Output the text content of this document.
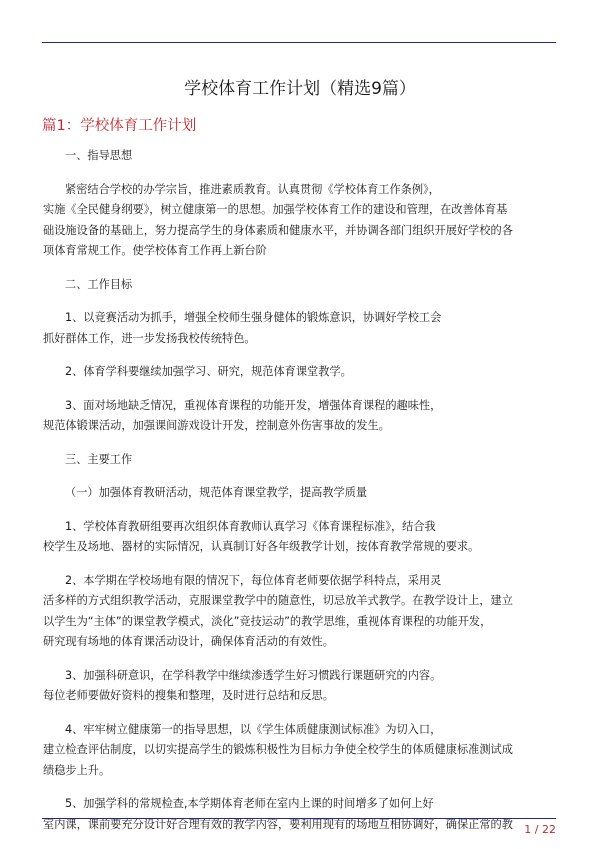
学校体育工作计划（精选9篇）
篇1：学校体育工作计划

一、指导思想

紧密结合学校的办学宗旨，推进素质教育。认真贯彻《学校体育工作条例》，
实施《全民健身纲要》，树立健康第一的思想。加强学校体育工作的建设和管理，在改善体育基
础设施设备的基础上，努力提高学生的身体素质和健康水平，并协调各部门组织开展好学校的各
项体育常规工作。使学校体育工作再上新台阶

二、工作目标

1、以竞赛活动为抓手，增强全校师生强身健体的锻炼意识，协调好学校工会
抓好群体工作，进一步发扬我校传统特色。

2、体育学科要继续加强学习、研究，规范体育课堂教学。

3、面对场地缺乏情况，重视体育课程的功能开发，增强体育课程的趣味性，
规范体锻课活动，加强课间游戏设计开发，控制意外伤害事故的发生。

三、主要工作

（一）加强体育教研活动，规范体育课堂教学，提高教学质量

1、学校体育教研组要再次组织体育教师认真学习《体育课程标准》，结合我
校学生及场地、器材的实际情况，认真制订好各年级教学计划，按体育教学常规的要求。

2、本学期在学校场地有限的情况下，每位体育老师要依据学科特点，采用灵
活多样的方式组织教学活动，克服课堂教学中的随意性，切忌放羊式教学。在教学设计上，建立
以学生为“主体”的课堂教学模式，淡化”竞技运动”的教学思维，重视体育课程的功能开发，
研究现有场地的体育课活动设计，确保体育活动的有效性。

3、加强科研意识，在学科教学中继续渗透学生好习惯践行课题研究的内容。
每位老师要做好资料的搜集和整理，及时进行总结和反思。

4、牢牢树立健康第一的指导思想，以《学生体质健康测试标准》为切入口，
建立检查评估制度，以切实提高学生的锻炼积极性为目标力争使全校学生的体质健康标准测试成
绩稳步上升。

5、加强学科的常规检查,本学期体育老师在室内上课的时间增多了如何上好
室内课，课前要充分设计好合理有效的教学内容，要利用现有的场地互相协调好，确保正常的教	1 / 22
